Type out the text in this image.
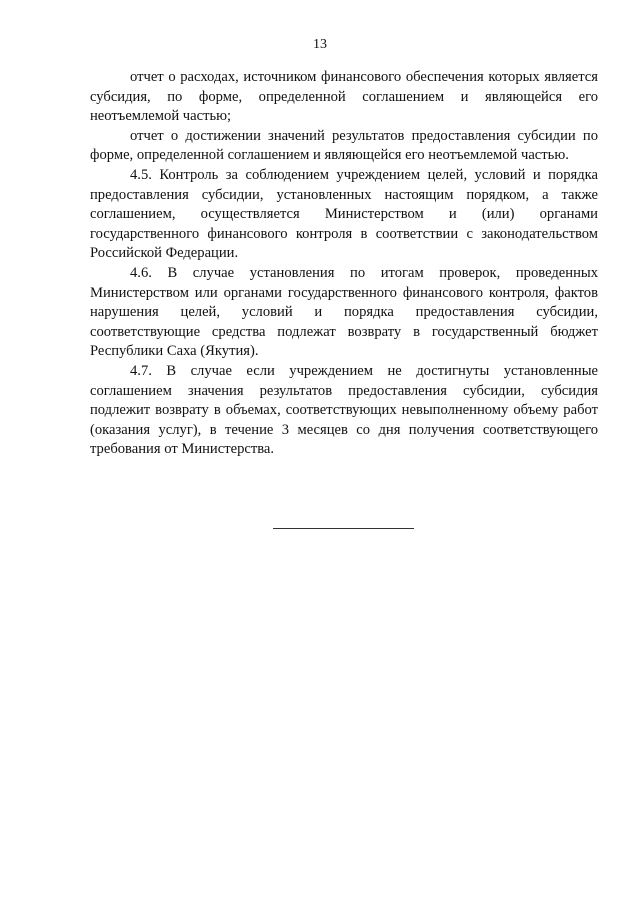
13

отчет о расходах, источником финансового обеспечения которых является субсидия, по форме, определенной соглашением и являющейся его неотъемлемой частью;

отчет о достижении значений результатов предоставления субсидии по форме, определенной соглашением и являющейся его неотъемлемой частью.

4.5. Контроль за соблюдением учреждением целей, условий и порядка предоставления субсидии, установленных настоящим порядком, а также соглашением, осуществляется Министерством и (или) органами государственного финансового контроля в соответствии с законодательством Российской Федерации.

4.6. В случае установления по итогам проверок, проведенных Министерством или органами государственного финансового контроля, фактов нарушения целей, условий и порядка предоставления субсидии, соответствующие средства подлежат возврату в государственный бюджет Республики Саха (Якутия).

4.7. В случае если учреждением не достигнуты установленные соглашением значения результатов предоставления субсидии, субсидия подлежит возврату в объемах, соответствующих невыполненному объему работ (оказания услуг), в течение 3 месяцев со дня получения соответствующего требования от Министерства.
